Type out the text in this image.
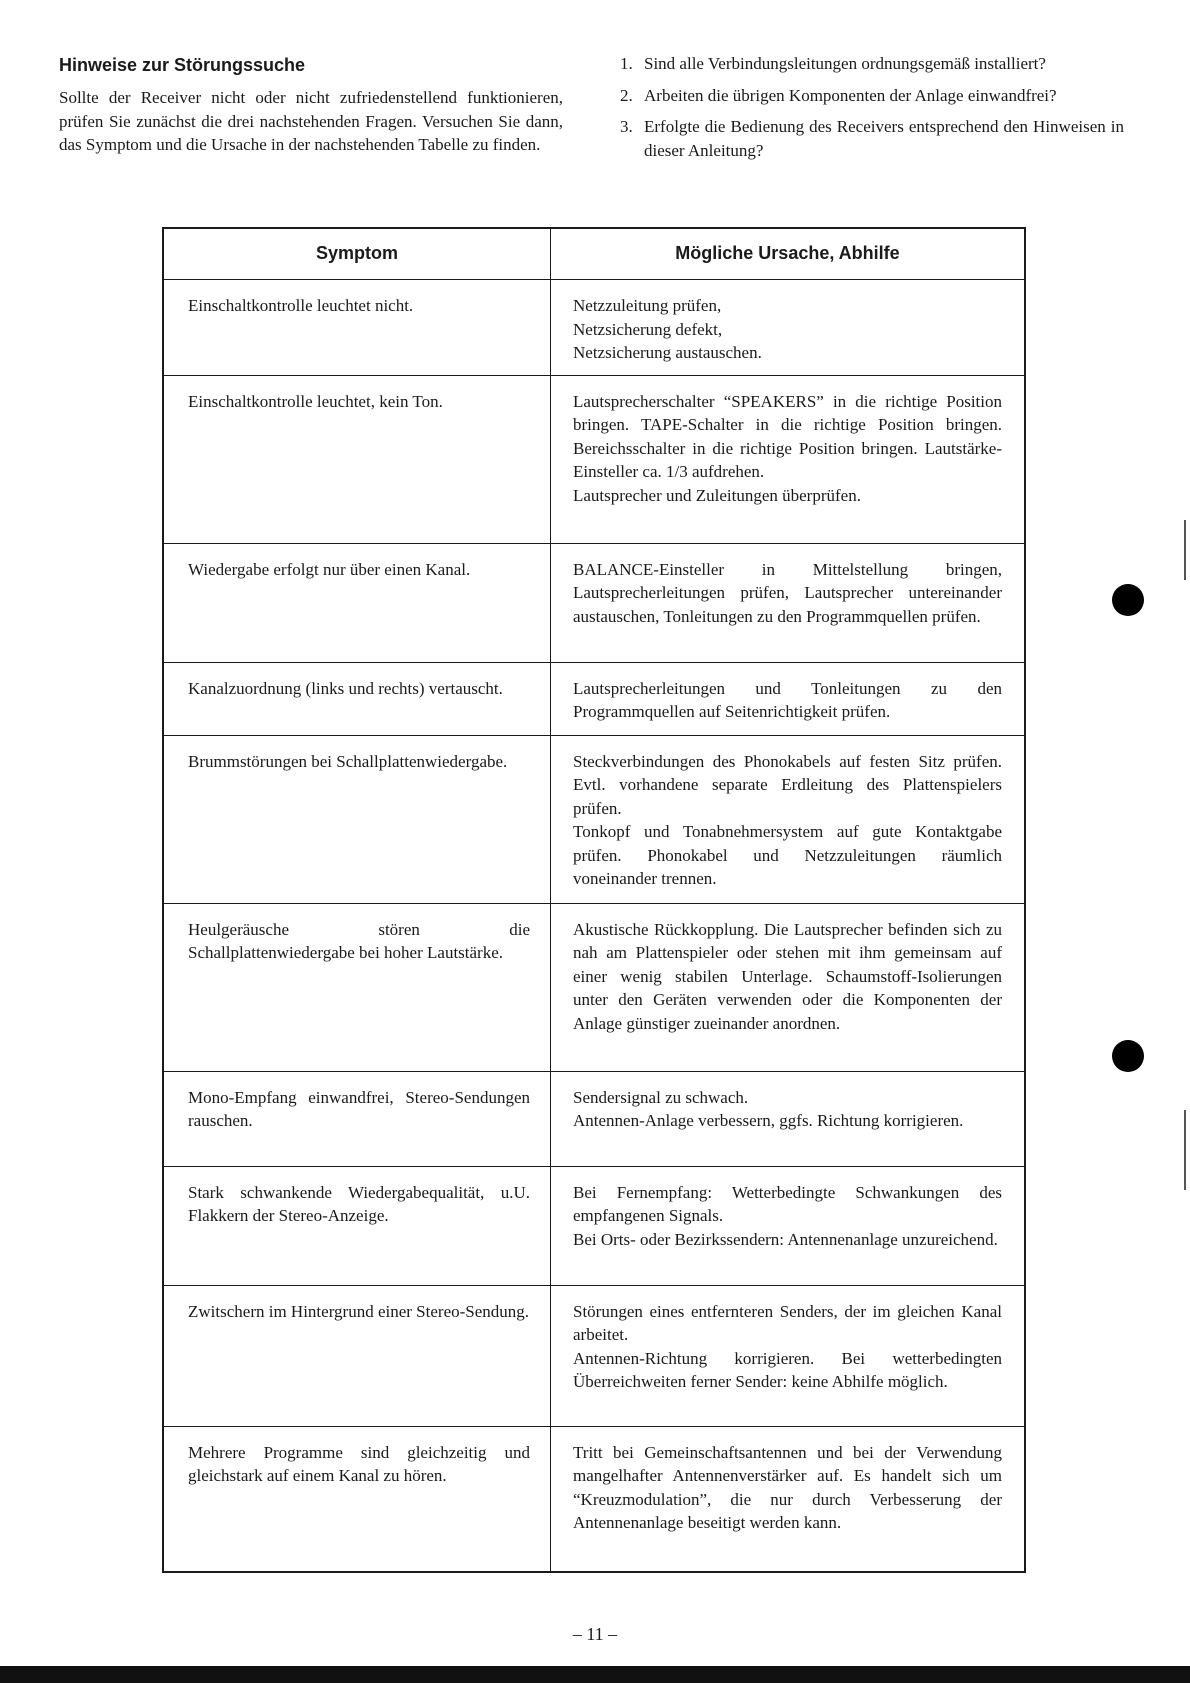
Hinweise zur Störungssuche

Sollte der Receiver nicht oder nicht zufriedenstellend funktionieren, prüfen Sie zunächst die drei nachstehenden Fragen. Versuchen Sie dann, das Symptom und die Ursache in der nachstehenden Tabelle zu finden.

1. Sind alle Verbindungsleitungen ordnungsgemäß installiert?
2. Arbeiten die übrigen Komponenten der Anlage einwandfrei?
3. Erfolgte die Bedienung des Receivers entsprechend den Hinweisen in dieser Anleitung?
Symptom	Mögliche Ursache, Abhilfe
Einschaltkontrolle leuchtet nicht.	Netzzuleitung prüfen,
Netzsicherung defekt,
Netzsicherung austauschen.

Einschaltkontrolle leuchtet, kein Ton.	Lautsprecherschalter “SPEAKERS” in die richtige Position bringen. TAPE-Schalter in die richtige Position bringen. Bereichsschalter in die richtige Position bringen. Lautstärke-Einsteller ca. 1/3 aufdrehen.
Lautsprecher und Zuleitungen überprüfen.

Wiedergabe erfolgt nur über einen Kanal.	BALANCE-Einsteller in Mittelstellung bringen, Lautsprecherleitungen prüfen, Lautsprecher untereinander austauschen, Tonleitungen zu den Programmquellen prüfen.

Kanalzuordnung (links und rechts) vertauscht.	Lautsprecherleitungen und Tonleitungen zu den Programmquellen auf Seitenrichtigkeit prüfen.

Brummstörungen bei Schallplattenwiedergabe.	Steckverbindungen des Phonokabels auf festen Sitz prüfen. Evtl. vorhandene separate Erdleitung des Plattenspielers prüfen.
Tonkopf und Tonabnehmersystem auf gute Kontaktgabe prüfen. Phonokabel und Netzzuleitungen räumlich voneinander trennen.

Heulgeräusche stören die Schallplattenwiedergabe bei hoher Lautstärke.	Akustische Rückkopplung. Die Lautsprecher befinden sich zu nah am Plattenspieler oder stehen mit ihm gemeinsam auf einer wenig stabilen Unterlage. Schaumstoff-Isolierungen unter den Geräten verwenden oder die Komponenten der Anlage günstiger zueinander anordnen.

Mono-Empfang einwandfrei, Stereo-Sendungen rauschen.	Sendersignal zu schwach.
Antennen-Anlage verbessern, ggfs. Richtung korrigieren.

Stark schwankende Wiedergabequalität, u.U. Flakkern der Stereo-Anzeige.	Bei Fernempfang: Wetterbedingte Schwankungen des empfangenen Signals.
Bei Orts- oder Bezirkssendern: Antennenanlage unzureichend.

Zwitschern im Hintergrund einer Stereo-Sendung.	Störungen eines entfernteren Senders, der im gleichen Kanal arbeitet.
Antennen-Richtung korrigieren. Bei wetterbedingten Überreichweiten ferner Sender: keine Abhilfe möglich.

Mehrere Programme sind gleichzeitig und gleichstark auf einem Kanal zu hören.	Tritt bei Gemeinschaftsantennen und bei der Verwendung mangelhafter Antennenverstärker auf. Es handelt sich um “Kreuzmodulation”, die nur durch Verbesserung der Antennenanlage beseitigt werden kann.
– 11 –
